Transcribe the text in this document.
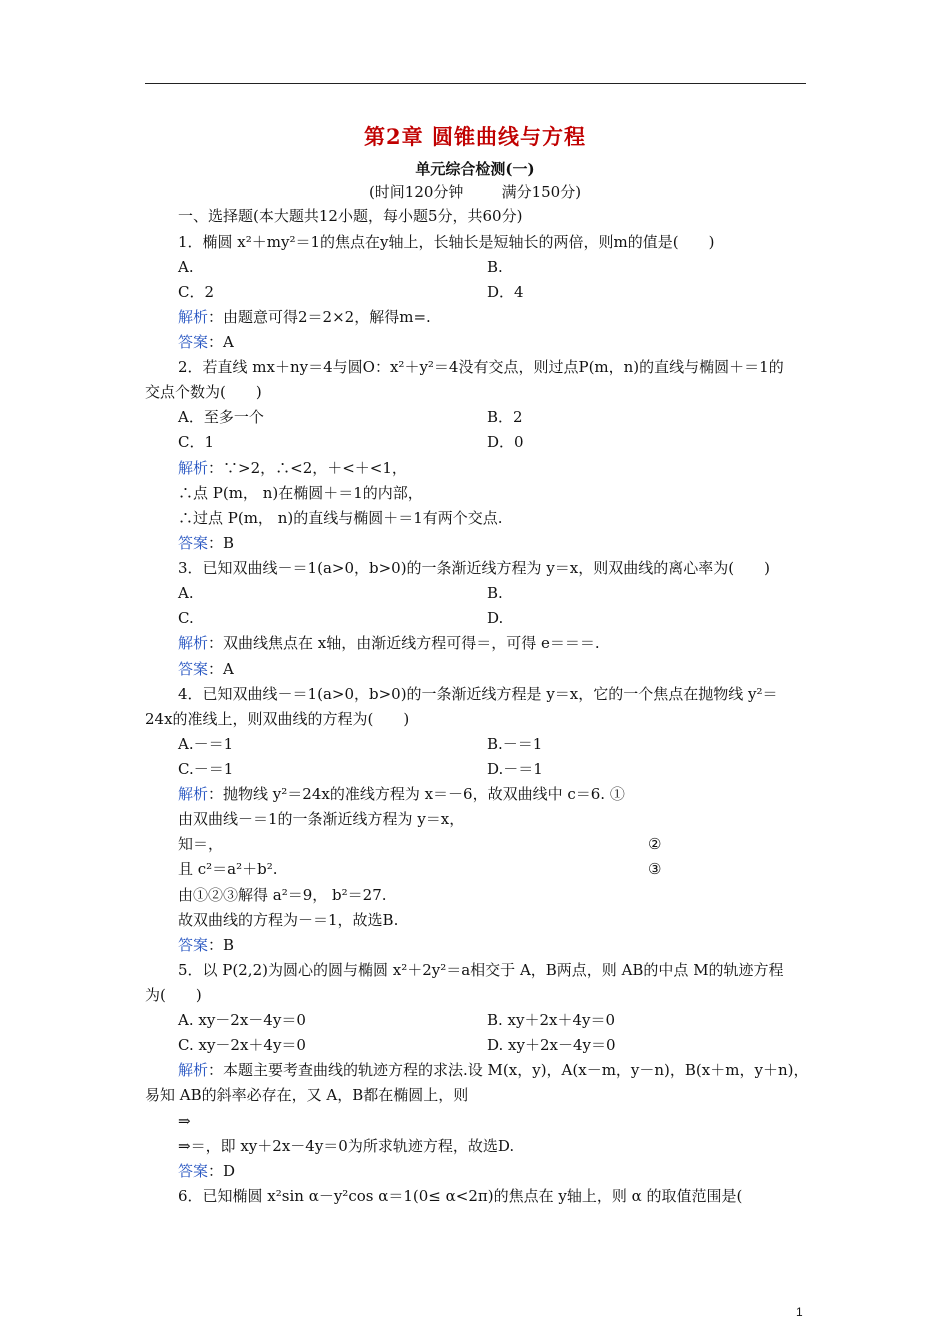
第2章 圆锥曲线与方程
单元综合检测(一)
(时间120分钟        满分150分)
一、选择题(本大题共12小题，每小题5分，共60分)
1．椭圆 x²＋my²＝1的焦点在y轴上，长轴长是短轴长的两倍，则m的值是(　　)
A.	B.
C．2	D．4
解析：由题意可得2＝2×2，解得m=.
答案：A
2．若直线 mx＋ny＝4与圆O：x²＋y²＝4没有交点，则过点P(m，n)的直线与椭圆＋＝1的
交点个数为(　　)
A．至多一个	B．2
C．1	D．0
解析：∵>2，∴<2，＋<＋<1，
∴点 P(m， n)在椭圆＋＝1的内部，
∴过点 P(m， n)的直线与椭圆＋＝1有两个交点.
答案：B
3．已知双曲线－＝1(a>0，b>0)的一条渐近线方程为 y＝x，则双曲线的离心率为(　　)
A.	B.
C.	D.
解析：双曲线焦点在 x轴，由渐近线方程可得＝，可得 e＝＝＝.
答案：A
4．已知双曲线－＝1(a>0，b>0)的一条渐近线方程是 y＝x，它的一个焦点在抛物线 y²＝
24x的准线上，则双曲线的方程为(　　)
A.－＝1	B.－＝1
C.－＝1	D.－＝1
解析：抛物线 y²＝24x的准线方程为 x＝－6，故双曲线中 c＝6. ①
由双曲线－＝1的一条渐近线方程为 y＝x，
知＝，	②
且 c²＝a²＋b².	③
由①②③解得 a²＝9， b²＝27.
故双曲线的方程为－＝1，故选B.
答案：B
5．以 P(2,2)为圆心的圆与椭圆 x²＋2y²＝a相交于 A，B两点，则 AB的中点 M的轨迹方程
为(　　)
A. xy－2x－4y＝0	B. xy＋2x＋4y＝0
C. xy－2x＋4y＝0	D. xy＋2x－4y＝0
解析：本题主要考查曲线的轨迹方程的求法.设 M(x，y)，A(x－m，y－n)，B(x＋m，y＋n)，
易知 AB的斜率必存在，又 A，B都在椭圆上，则
⇒
⇒＝，即 xy＋2x－4y＝0为所求轨迹方程，故选D.
答案：D
6．已知椭圆 x²sin α－y²cos α＝1(0≤ α<2π)的焦点在 y轴上，则 α 的取值范围是(
1
